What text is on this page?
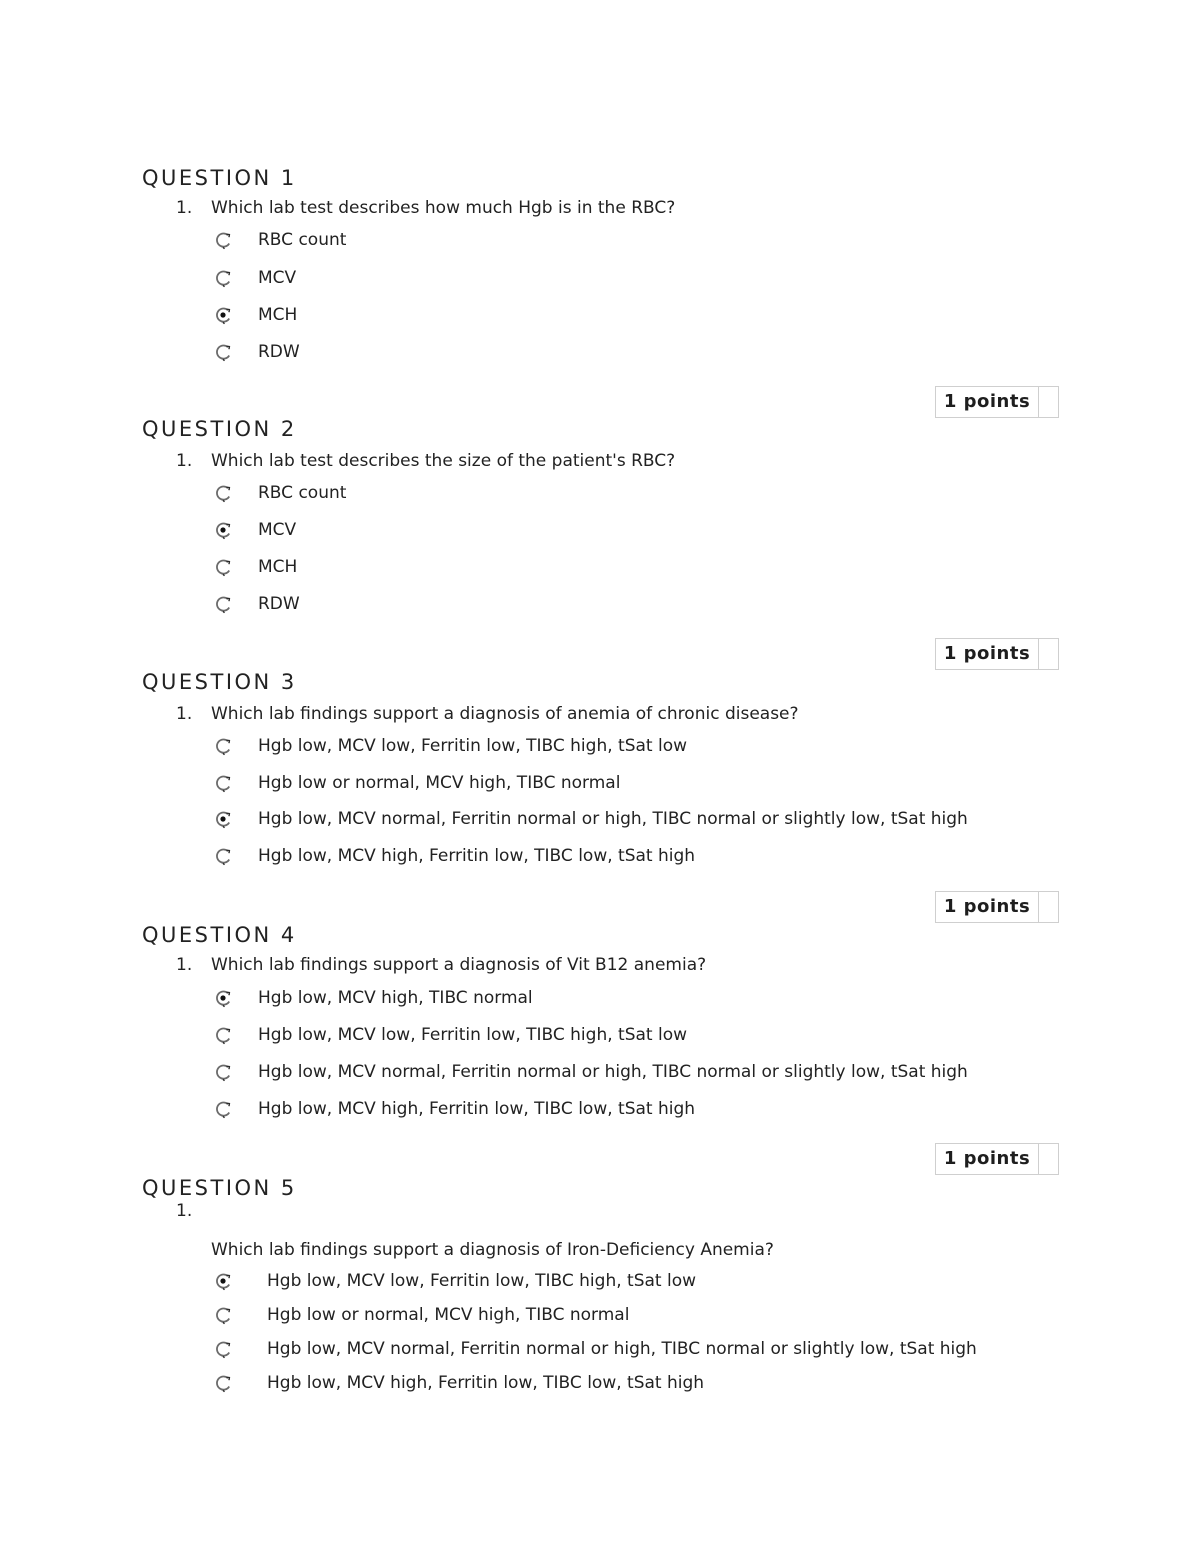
QUESTION 1
1. Which lab test describes how much Hgb is in the RBC?
RBC count
MCV
MCH
RDW
1 points
QUESTION 2
1. Which lab test describes the size of the patient's RBC?
RBC count
MCV
MCH
RDW
1 points
QUESTION 3
1. Which lab findings support a diagnosis of anemia of chronic disease?
Hgb low, MCV low, Ferritin low, TIBC high, tSat low
Hgb low or normal, MCV high, TIBC normal
Hgb low, MCV normal, Ferritin normal or high, TIBC normal or slightly low, tSat high
Hgb low, MCV high, Ferritin low, TIBC low, tSat high
1 points
QUESTION 4
1. Which lab findings support a diagnosis of Vit B12 anemia?
Hgb low, MCV high, TIBC normal
Hgb low, MCV low, Ferritin low, TIBC high, tSat low
Hgb low, MCV normal, Ferritin normal or high, TIBC normal or slightly low, tSat high
Hgb low, MCV high, Ferritin low, TIBC low, tSat high
1 points
QUESTION 5
1.
Which lab findings support a diagnosis of Iron-Deficiency Anemia?
Hgb low, MCV low, Ferritin low, TIBC high, tSat low
Hgb low or normal, MCV high, TIBC normal
Hgb low, MCV normal, Ferritin normal or high, TIBC normal or slightly low, tSat high
Hgb low, MCV high, Ferritin low, TIBC low, tSat high
